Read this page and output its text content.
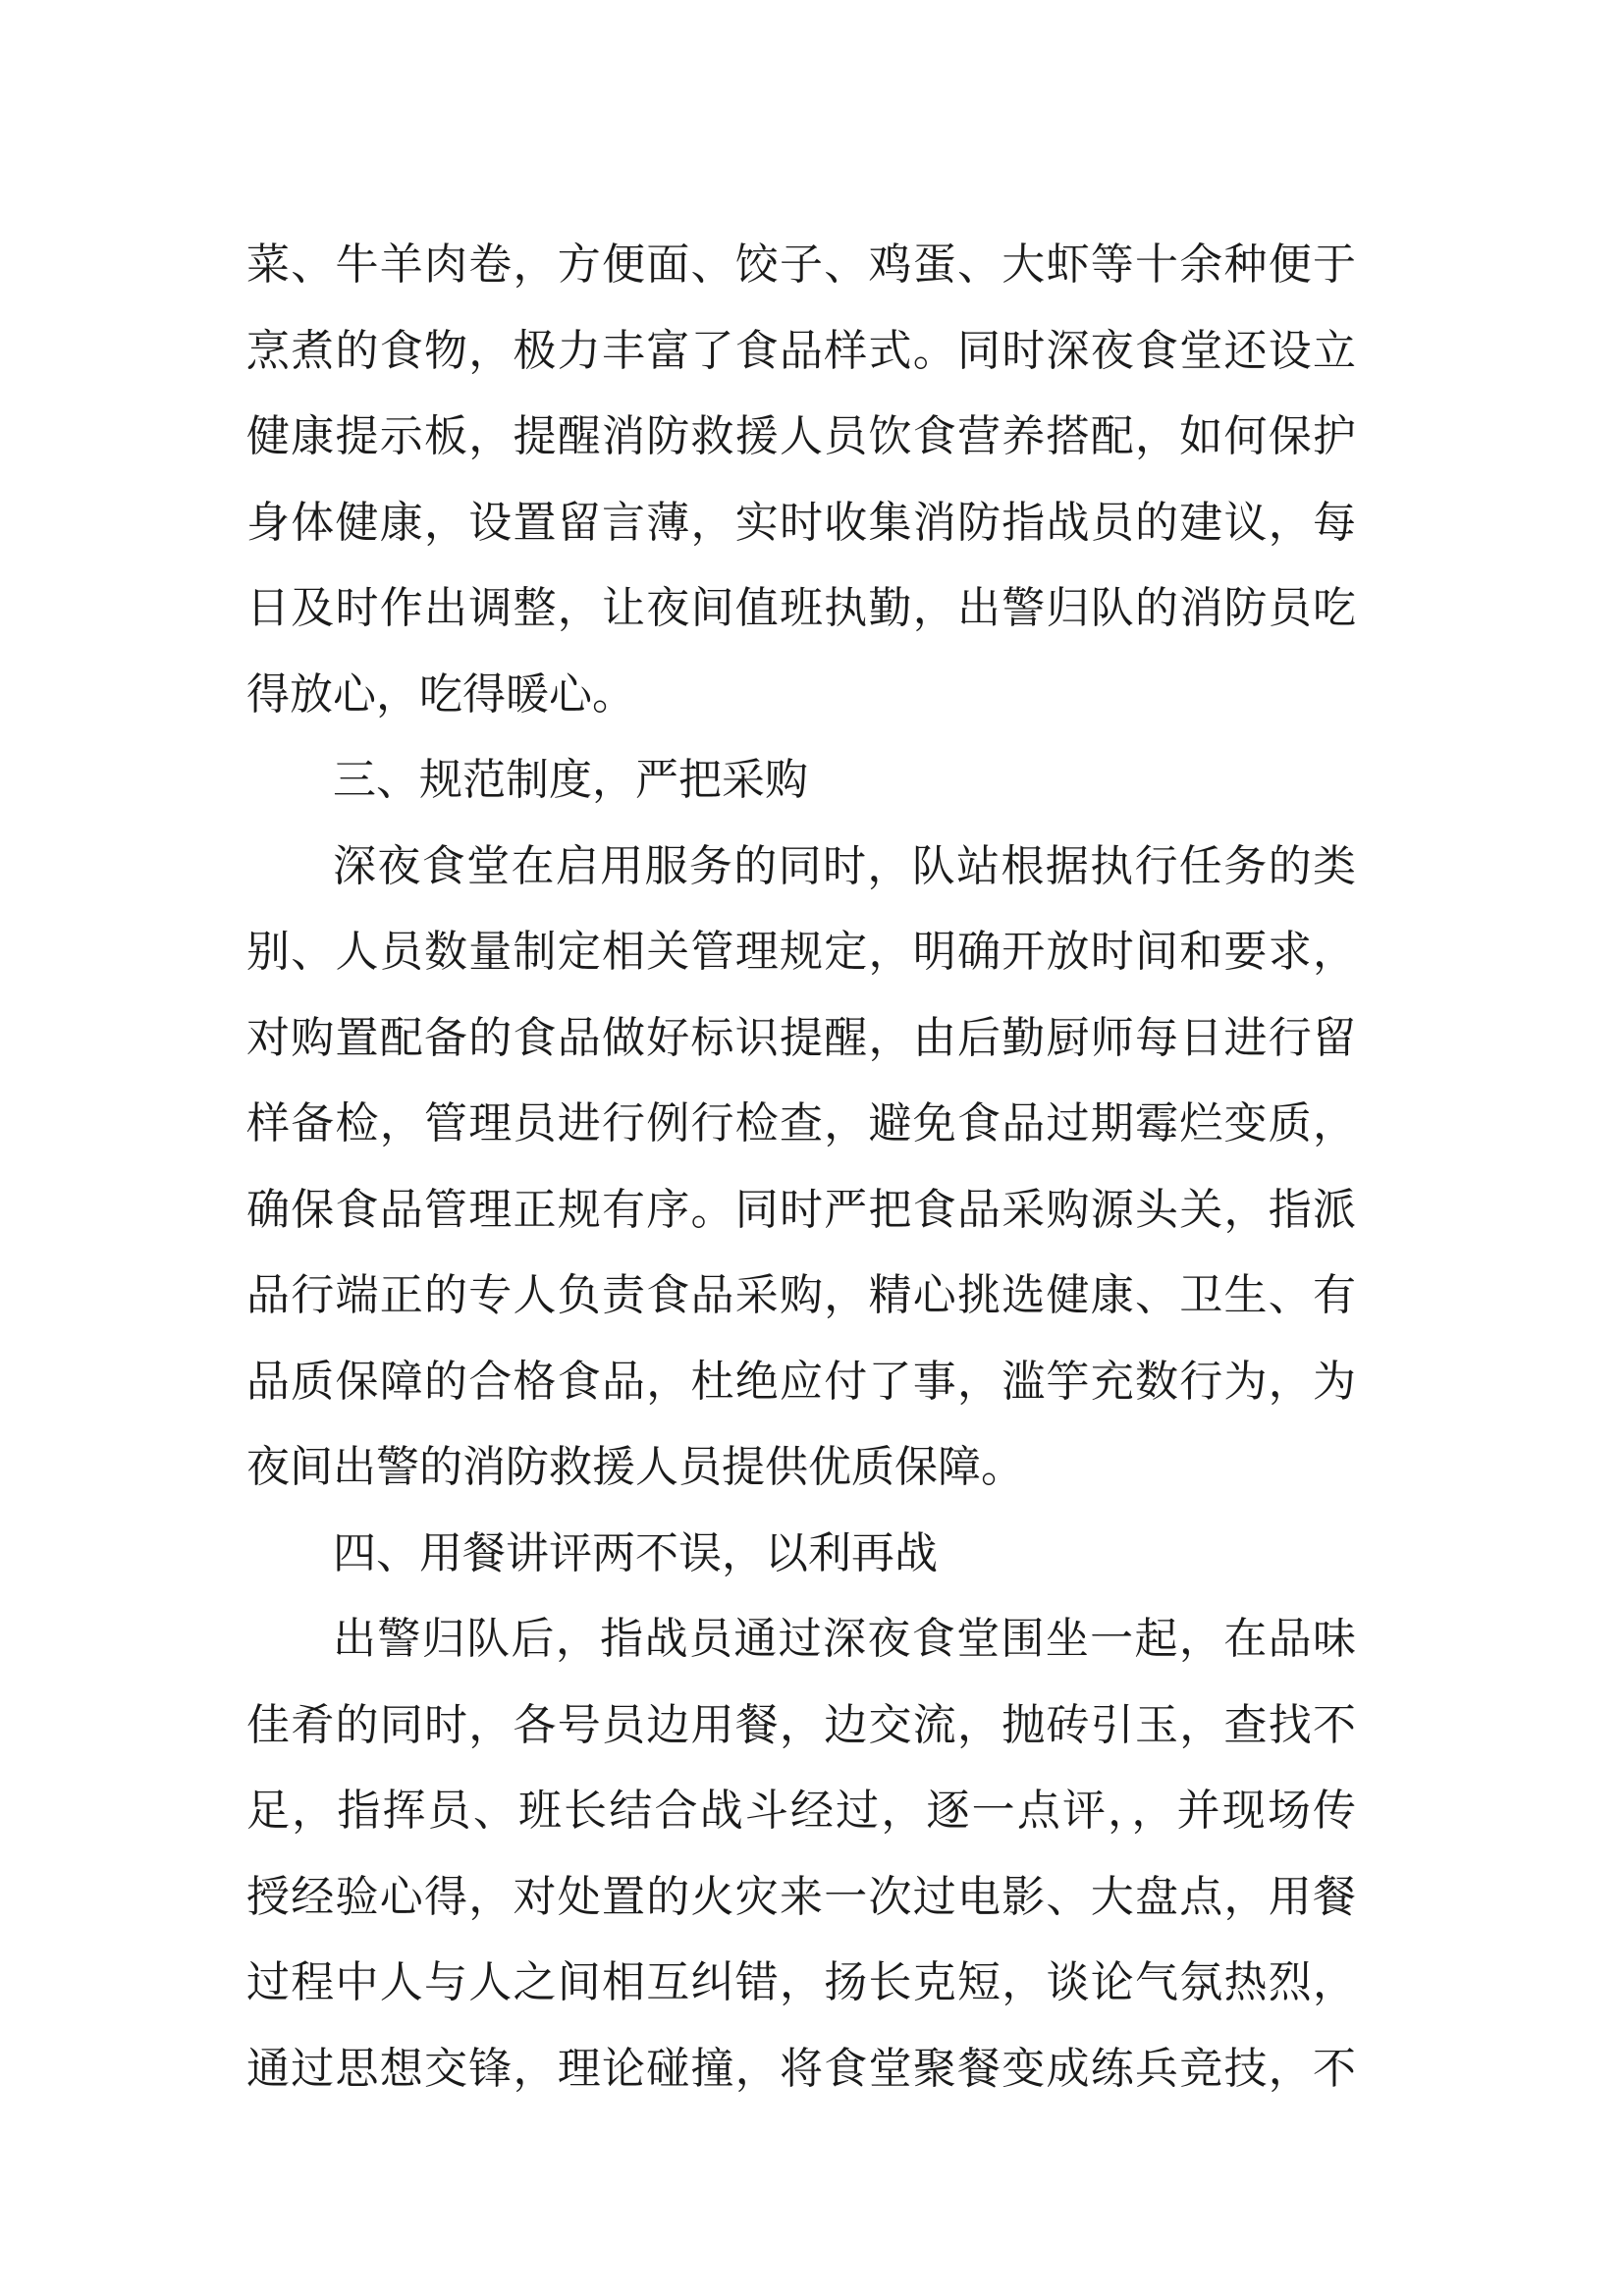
菜、牛羊肉卷，方便面、饺子、鸡蛋、大虾等十余种便于
烹煮的食物，极力丰富了食品样式。同时深夜食堂还设立
健康提示板，提醒消防救援人员饮食营养搭配，如何保护
身体健康，设置留言薄，实时收集消防指战员的建议，每
日及时作出调整，让夜间值班执勤，出警归队的消防员吃
得放心，吃得暖心。
三、规范制度，严把采购
深夜食堂在启用服务的同时，队站根据执行任务的类
别、人员数量制定相关管理规定，明确开放时间和要求，
对购置配备的食品做好标识提醒，由后勤厨师每日进行留
样备检，管理员进行例行检查，避免食品过期霉烂变质，
确保食品管理正规有序。同时严把食品采购源头关，指派
品行端正的专人负责食品采购，精心挑选健康、卫生、有
品质保障的合格食品，杜绝应付了事，滥竽充数行为，为
夜间出警的消防救援人员提供优质保障。
四、用餐讲评两不误，以利再战
出警归队后，指战员通过深夜食堂围坐一起，在品味
佳肴的同时，各号员边用餐，边交流，抛砖引玉，查找不
足，指挥员、班长结合战斗经过，逐一点评，，并现场传
授经验心得，对处置的火灾来一次过电影、大盘点，用餐
过程中人与人之间相互纠错，扬长克短，谈论气氛热烈，
通过思想交锋，理论碰撞，将食堂聚餐变成练兵竞技，不
